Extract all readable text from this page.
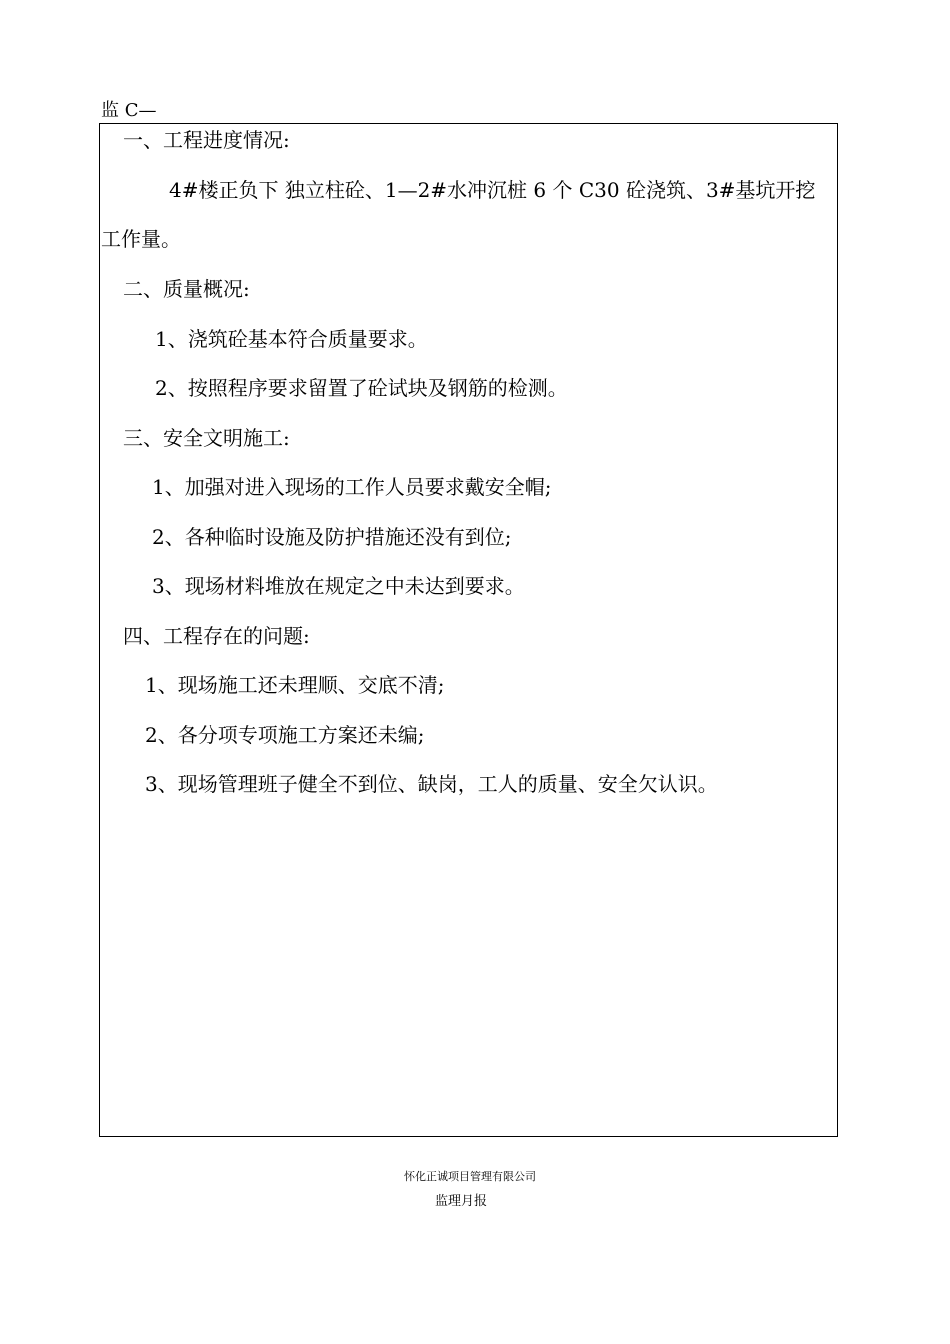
监 C—
一、工程进度情况:
4#楼正负下 独立柱砼、1—2#水冲沉桩 6 个 C30 砼浇筑、3#基坑开挖
工作量。
二、质量概况:
1、浇筑砼基本符合质量要求。
2、按照程序要求留置了砼试块及钢筋的检测。
三、安全文明施工:
1、加强对进入现场的工作人员要求戴安全帽;
2、各种临时设施及防护措施还没有到位;
3、现场材料堆放在规定之中未达到要求。
四、工程存在的问题:
1、现场施工还未理顺、交底不清;
2、各分项专项施工方案还未编;
3、现场管理班子健全不到位、缺岗，工人的质量、安全欠认识。
怀化正诚项目管理有限公司
监理月报
